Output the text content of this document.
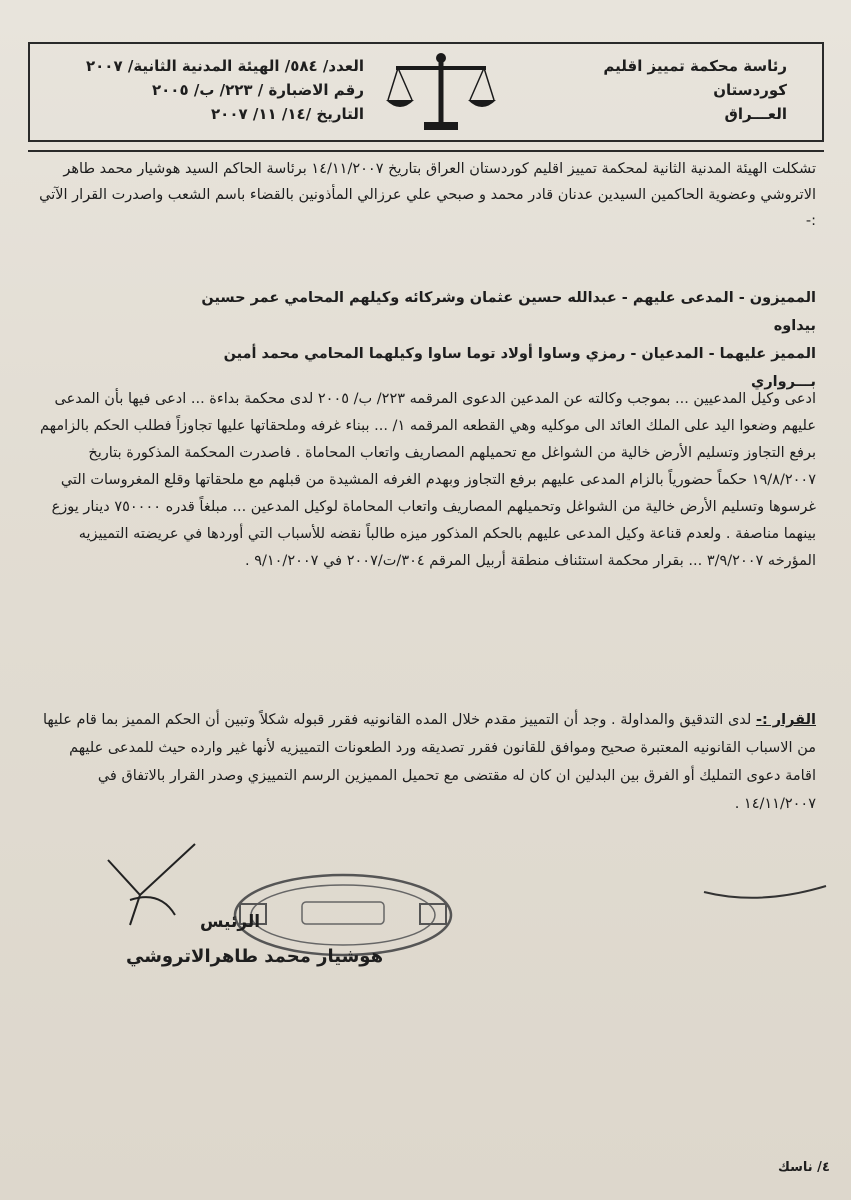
رئاسة محكمة تمييز اقليم كوردستان
العـــراق
العدد/ ٥٨٤/ الهيئة المدنية الثانية/ ٢٠٠٧
رقم الاضبارة / ٢٢٣/ ب/ ٢٠٠٥
التاريخ /١٤/ ١١/ ٢٠٠٧
تشكلت الهيئة المدنية الثانية لمحكمة تمييز اقليم كوردستان العراق بتاريخ ١٤/١١/٢٠٠٧ برئاسة الحاكم السيد هوشيار محمد طاهر الاتروشي وعضوية الحاكمين السيدين عدنان قادر محمد و صبحي علي عرزالي المأذونين بالقضاء باسم الشعب واصدرت القرار الآتي :-
المميزون - المدعى عليهم - عبدالله حسين عثمان وشركائه وكيلهم المحامي عمر حسين بيداوه
المميز عليهما - المدعيان - رمزي وساوا أولاد توما ساوا وكيلهما المحامي محمد أمين بـــرواري
ادعى وكيل المدعيين ... بموجب وكالته عن المدعين الدعوى المرقمه ٢٢٣/ ب/ ٢٠٠٥ لدى محكمة بداءة ... ادعى فيها بأن المدعى عليهم وضعوا اليد على الملك العائد الى موكليه وهي القطعه المرقمه ١/ ... ببناء غرفه وملحقاتها عليها تجاوزاً فطلب الحكم بالزامهم برفع التجاوز وتسليم الأرض خالية من الشواغل مع تحميلهم المصاريف واتعاب المحاماة . فاصدرت المحكمة المذكورة بتاريخ ١٩/٨/٢٠٠٧ حكماً حضورياً بالزام المدعى عليهم برفع التجاوز وبهدم الغرفه المشيدة من قبلهم مع ملحقاتها وقلع المغروسات التي غرسوها وتسليم الأرض خالية من الشواغل وتحميلهم المصاريف واتعاب المحاماة لوكيل المدعين ... مبلغاً قدره ٧٥٠٠٠٠ دينار يوزع بينهما مناصفة . ولعدم قناعة وكيل المدعى عليهم بالحكم المذكور ميزه طالباً نقضه للأسباب التي أوردها في عريضته التمييزيه المؤرخه ٣/٩/٢٠٠٧ ... بقرار محكمة استئناف منطقة أربيل المرقم ٣٠٤/ت/٢٠٠٧ في ٩/١٠/٢٠٠٧ .
القرار :- لدى التدقيق والمداولة . وجد أن التمييز مقدم خلال المده القانونيه فقرر قبوله شكلاً وتبين أن الحكم المميز بما قام عليها من الاسباب القانونيه المعتبرة صحيح وموافق للقانون فقرر تصديقه ورد الطعونات التمييزيه لأنها غير وارده حيث للمدعى عليهم اقامة دعوى التمليك أو الفرق بين البدلين ان كان له مقتضى مع تحميل المميزين الرسم التمييزي وصدر القرار بالاتفاق في ١٤/١١/٢٠٠٧ .
الرئيس
هوشيار محمد طاهرالاتروشي
٤/ ناسك
